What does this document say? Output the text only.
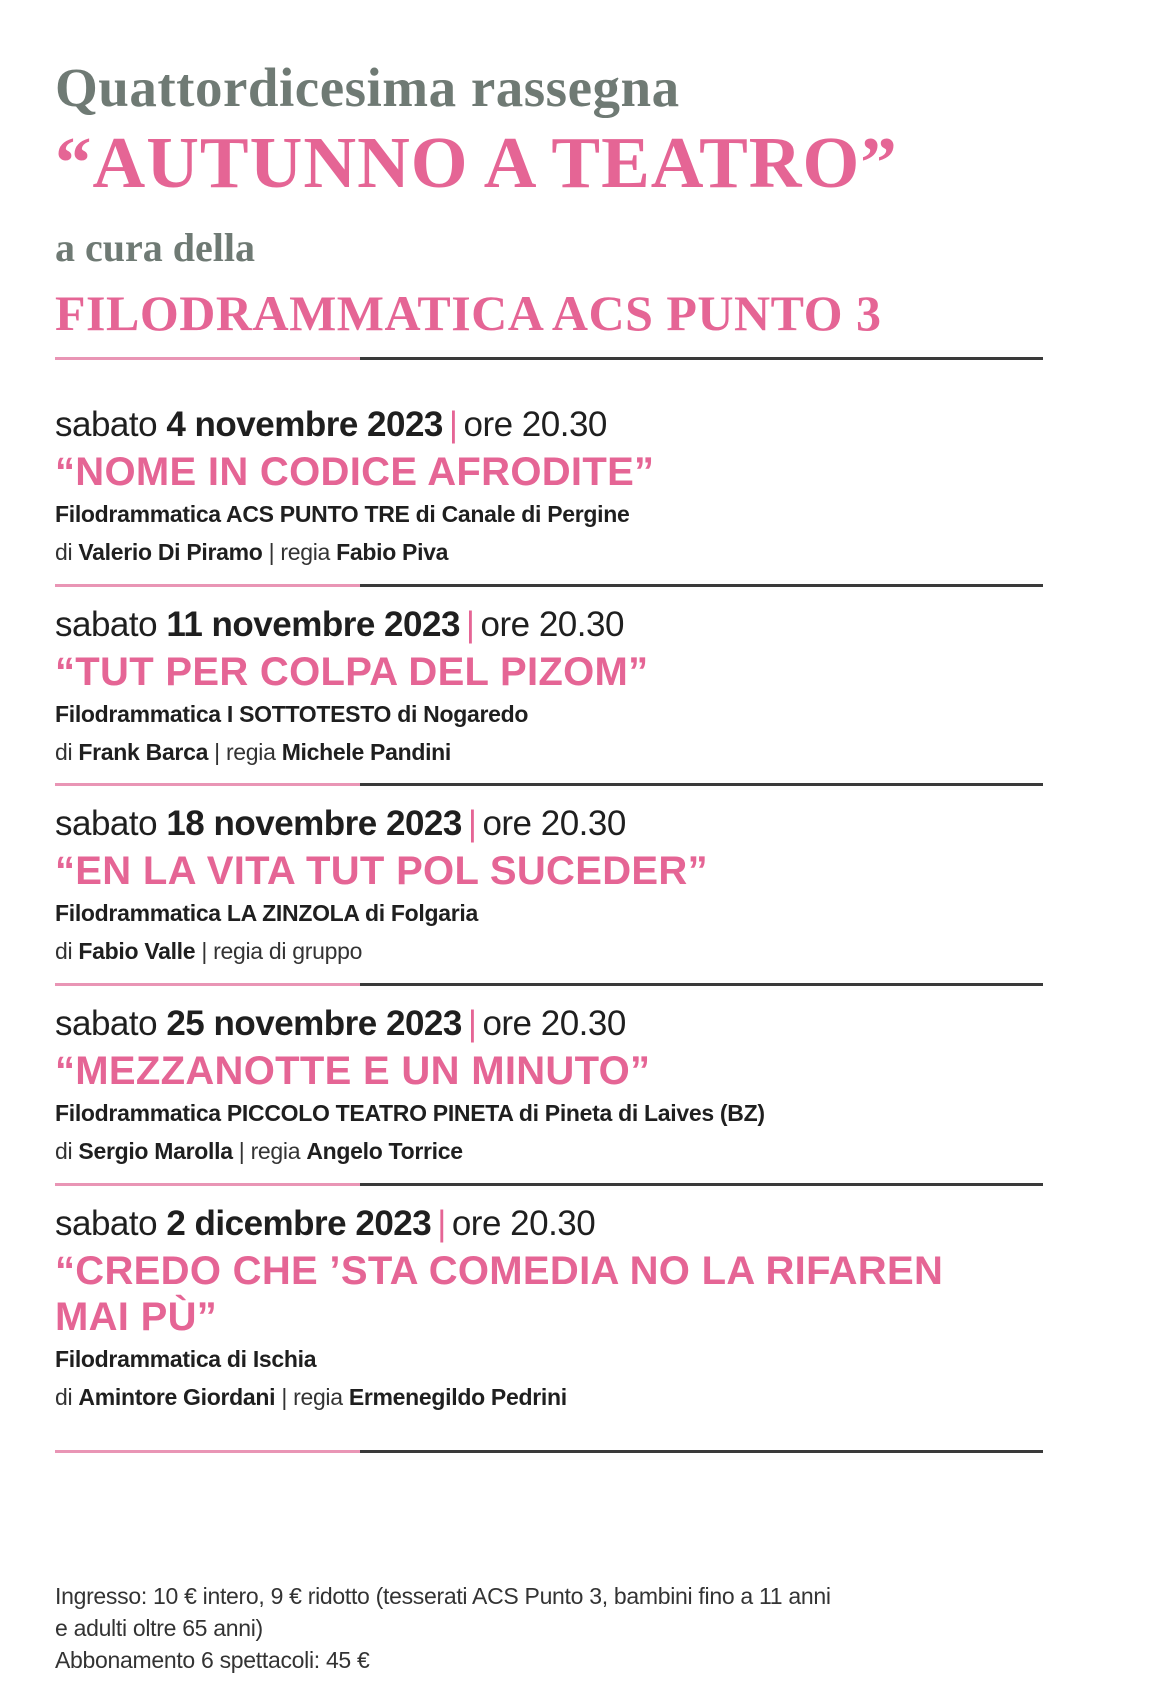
Quattordicesima rassegna
“AUTUNNO A TEATRO”
a cura della
FILODRAMMATICA ACS PUNTO 3
sabato 4 novembre 2023 | ore 20.30
“NOME IN CODICE AFRODITE”
Filodrammatica ACS PUNTO TRE di Canale di Pergine
di Valerio Di Piramo | regia Fabio Piva
sabato 11 novembre 2023 | ore 20.30
“TUT PER COLPA DEL PIZOM”
Filodrammatica I SOTTOTESTO di Nogaredo
di Frank Barca | regia Michele Pandini
sabato 18 novembre 2023 | ore 20.30
“EN LA VITA TUT POL SUCEDER”
Filodrammatica LA ZINZOLA di Folgaria
di Fabio Valle | regia di gruppo
sabato 25 novembre 2023 | ore 20.30
“MEZZANOTTE E UN MINUTO”
Filodrammatica PICCOLO TEATRO PINETA di Pineta di Laives (BZ)
di Sergio Marolla | regia Angelo Torrice
sabato 2 dicembre 2023 | ore 20.30
“CREDO CHE ’STA COMEDIA NO LA RIFAREN MAI PÙ”
Filodrammatica di Ischia
di Amintore Giordani | regia Ermenegildo Pedrini
Ingresso: 10 € intero, 9 € ridotto (tesserati ACS Punto 3, bambini fino a 11 anni
e adulti oltre 65 anni)
Abbonamento 6 spettacoli: 45 €
